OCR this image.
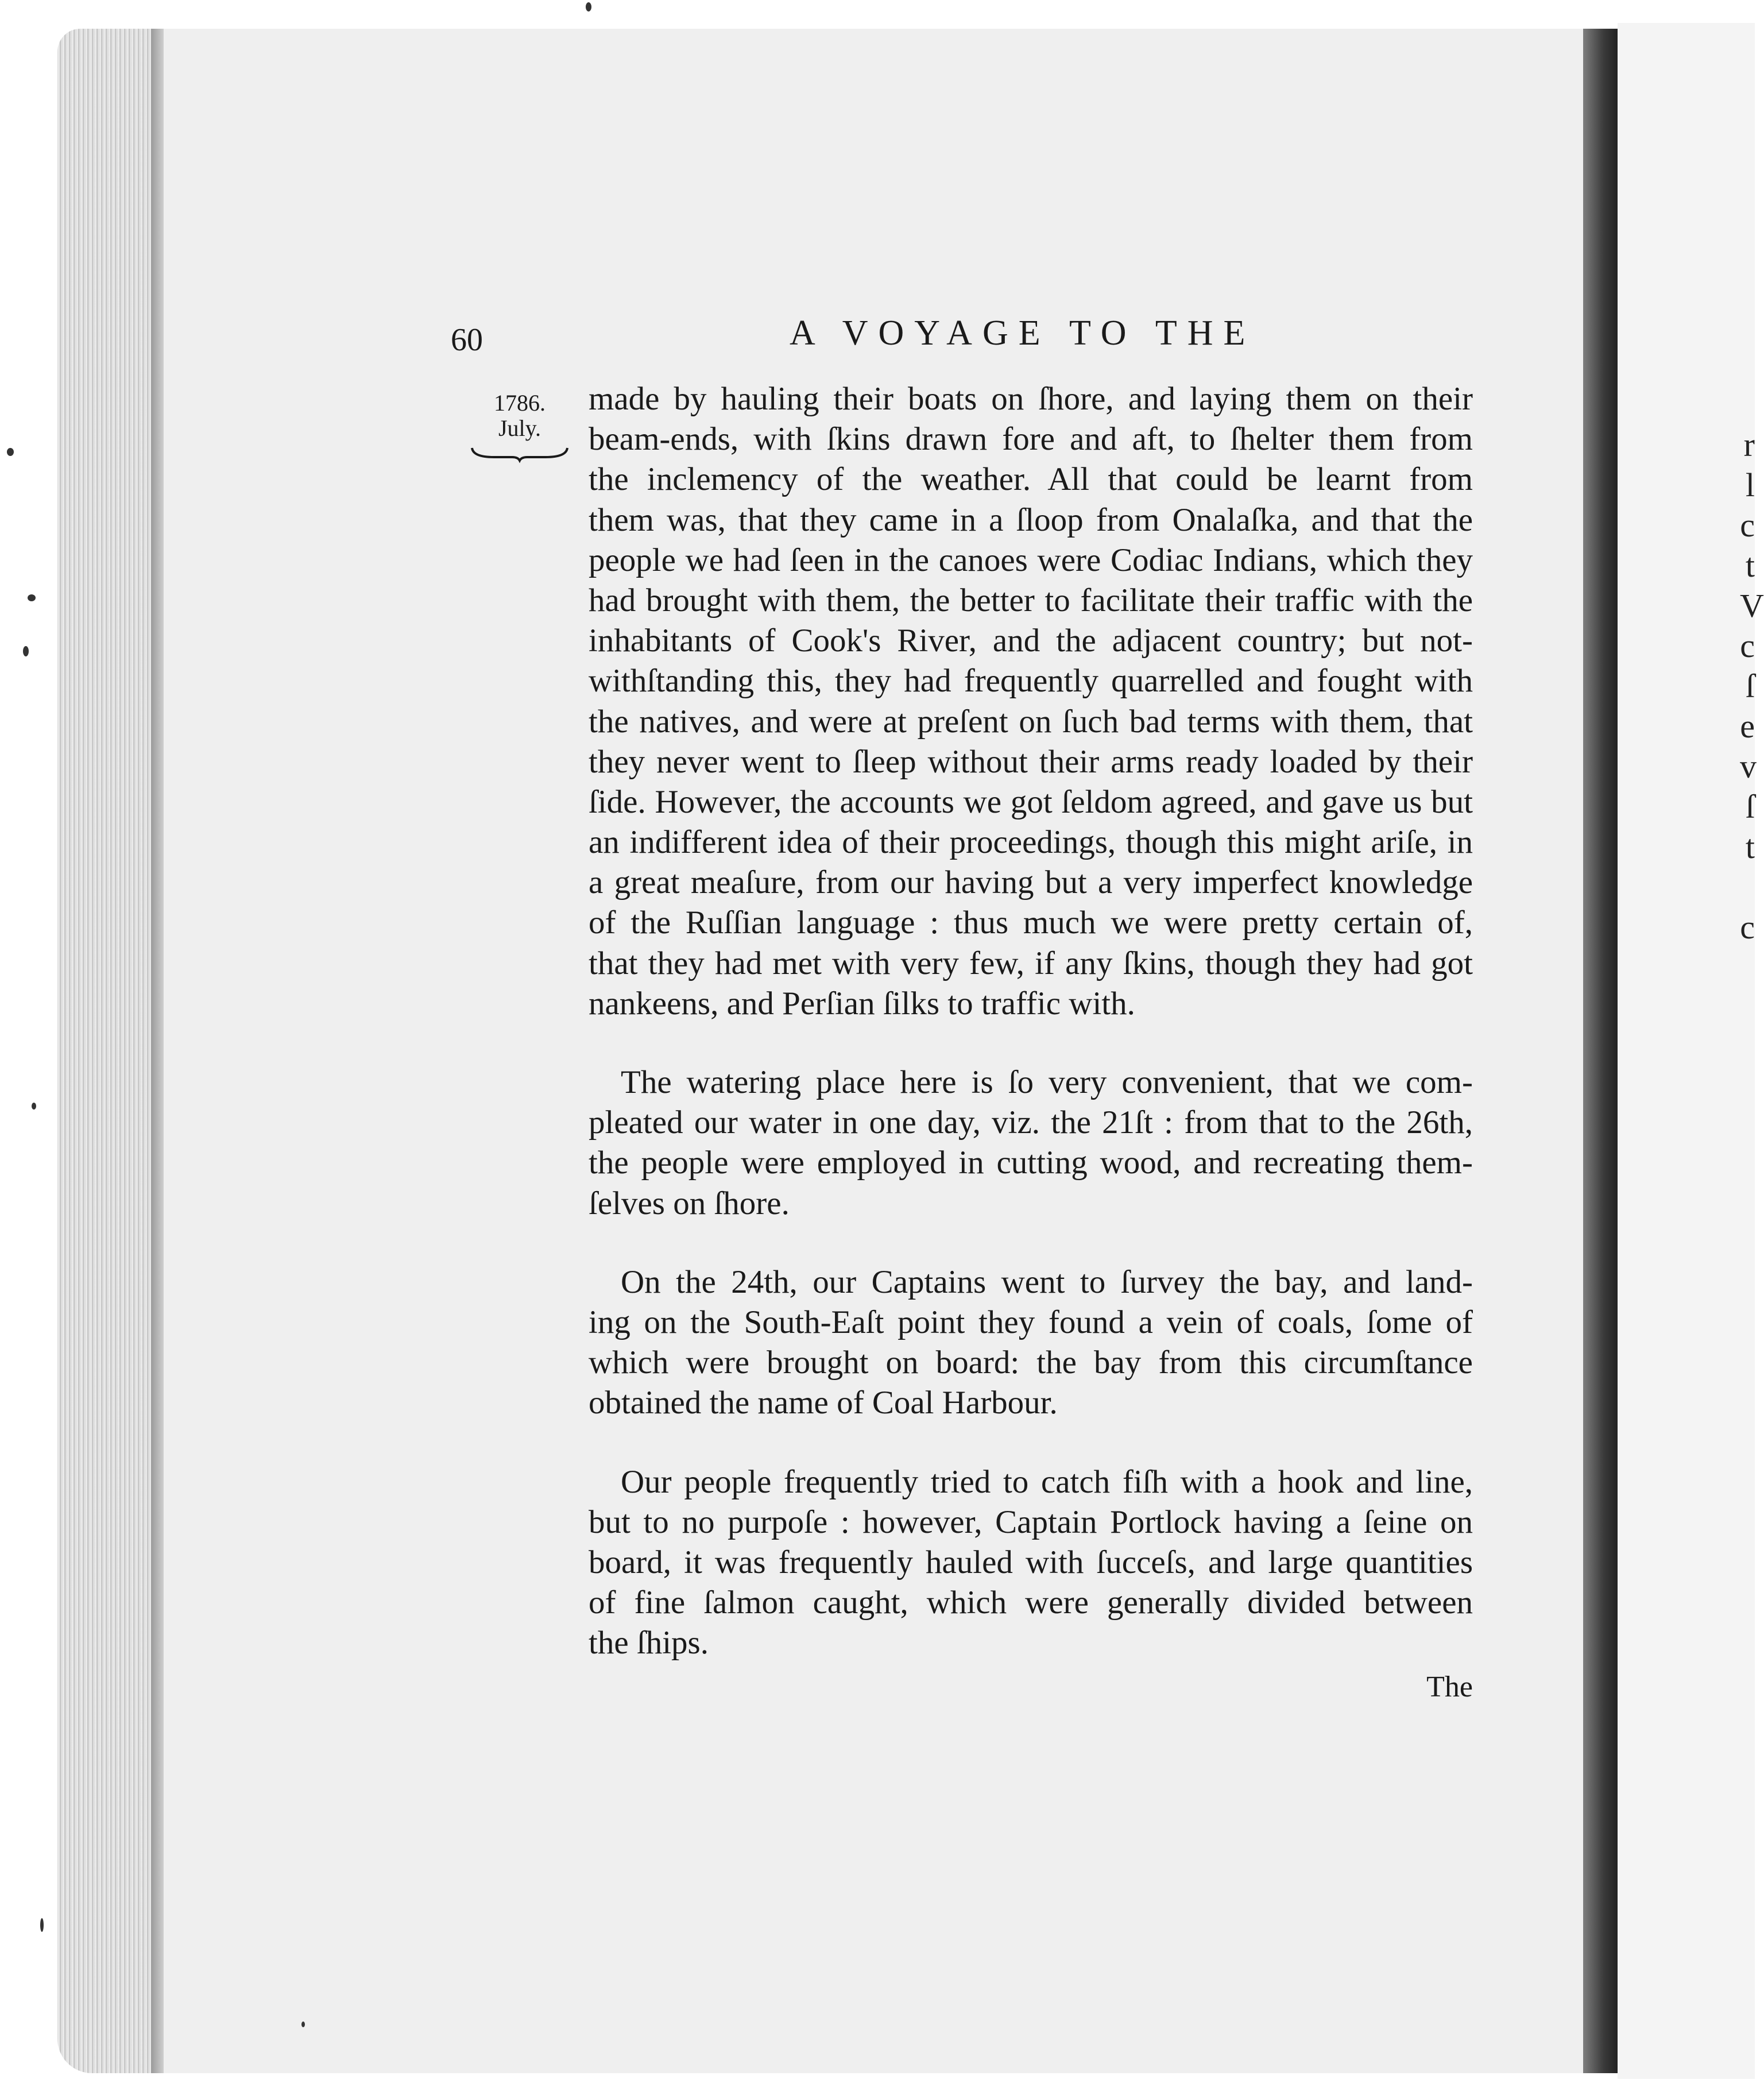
r
l
c
t
V
c
ſ
e
v
ſ
t
c
60	A VOYAGE TO THE
1786.
July.
made by hauling their boats on ſhore, and laying them on their
beam-ends, with ſkins drawn fore and aft, to ſhelter them from
the inclemency of the weather. All that could be learnt from
them was, that they came in a ſloop from Onalaſka, and that the
people we had ſeen in the canoes were Codiac Indians, which they
had brought with them, the better to facilitate their traffic with the
inhabitants of Cook's River, and the adjacent country; but not-
withſtanding this, they had frequently quarrelled and fought with
the natives, and were at preſent on ſuch bad terms with them, that
they never went to ſleep without their arms ready loaded by their
ſide. However, the accounts we got ſeldom agreed, and gave us but
an indifferent idea of their proceedings, though this might ariſe, in
a great meaſure, from our having but a very imperfect knowledge
of the Ruſſian language : thus much we were pretty certain of,
that they had met with very few, if any ſkins, though they had got
nankeens, and Perſian ſilks to traffic with.
The watering place here is ſo very convenient, that we com-
pleated our water in one day, viz. the 21ſt : from that to the 26th,
the people were employed in cutting wood, and recreating them-
ſelves on ſhore.
On the 24th, our Captains went to ſurvey the bay, and land-
ing on the South-Eaſt point they found a vein of coals, ſome of
which were brought on board: the bay from this circumſtance
obtained the name of Coal Harbour.
Our people frequently tried to catch fiſh with a hook and line,
but to no purpoſe : however, Captain Portlock having a ſeine on
board, it was frequently hauled with ſucceſs, and large quantities
of fine ſalmon caught, which were generally divided between
the ſhips.
The
